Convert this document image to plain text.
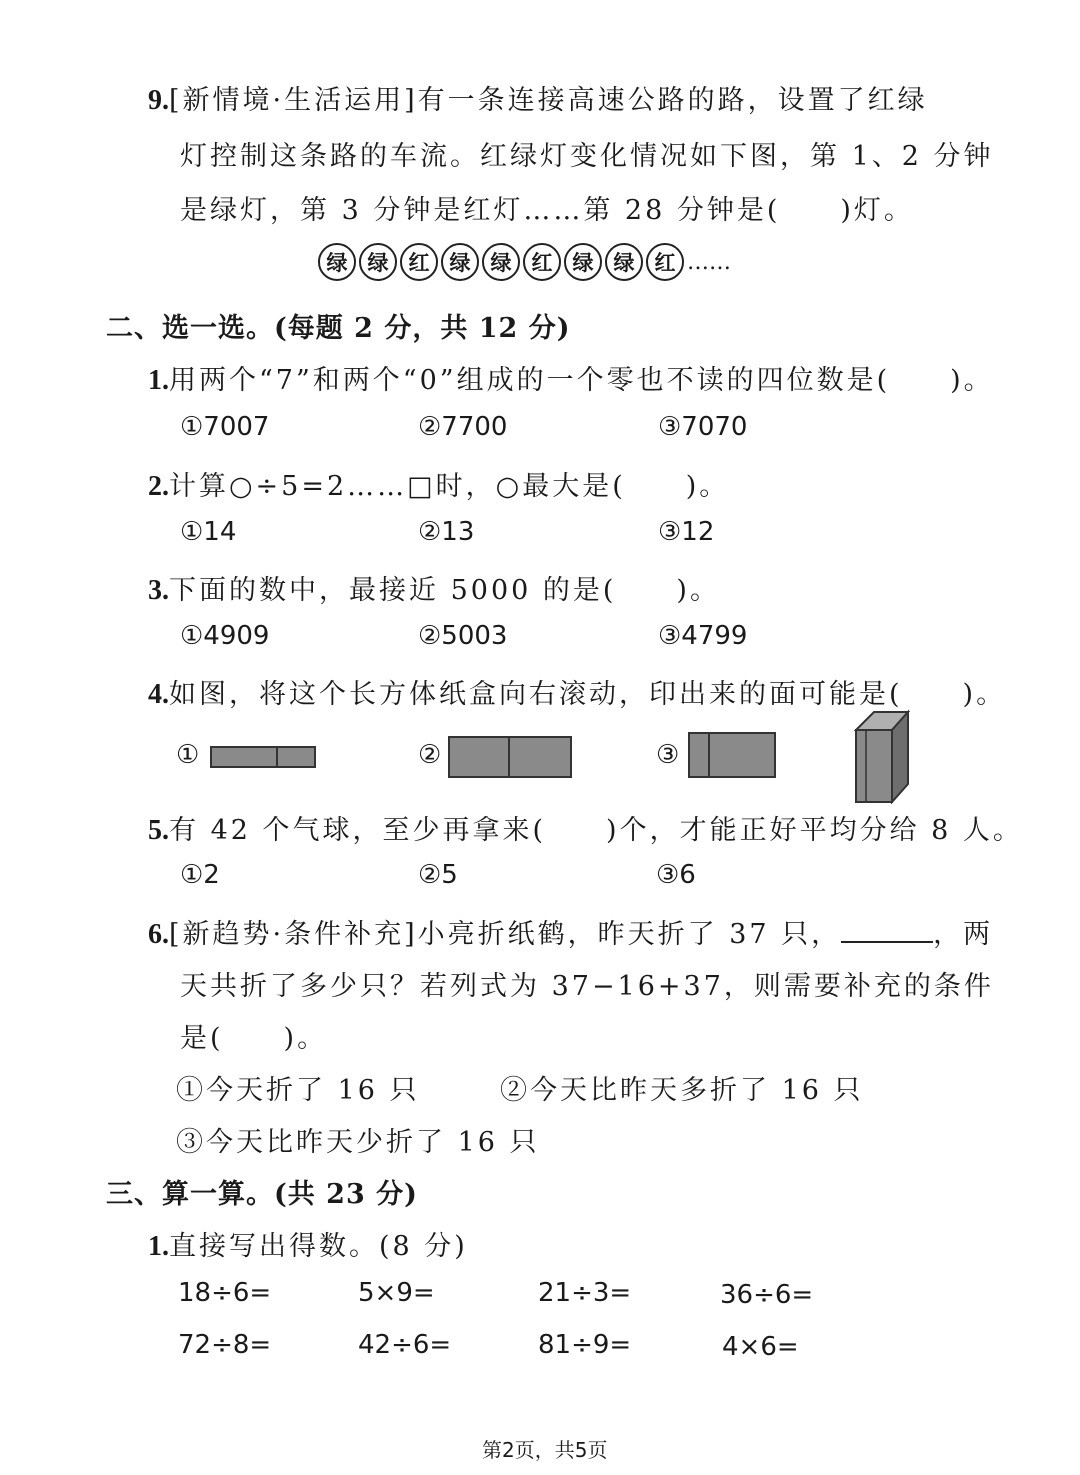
9.[新情境·生活运用]有一条连接高速公路的路，设置了红绿
灯控制这条路的车流。红绿灯变化情况如下图，第 1、2 分钟
是绿灯，第 3 分钟是红灯……第 28 分钟是(　　)灯。
绿 绿 红 绿 绿 红 绿 绿 红 ……
二、选一选。(每题 2 分，共 12 分)
1.用两个“7”和两个“0”组成的一个零也不读的四位数是(　　)。
①7007	②7700	③7070
2.计算○÷5=2……□时，○最大是(　　)。
①14	②13	③12
3.下面的数中，最接近 5000 的是(　　)。
①4909	②5003	③4799
4.如图，将这个长方体纸盒向右滚动，印出来的面可能是(　　)。
①	②	③
5.有 42 个气球，至少再拿来(　　)个，才能正好平均分给 8 人。
①2	②5	③6
6.[新趋势·条件补充]小亮折纸鹤，昨天折了 37 只，	，两
天共折了多少只？若列式为 37−16+37，则需要补充的条件
是(　　)。
①今天折了 16 只	②今天比昨天多折了 16 只
③今天比昨天少折了 16 只
三、算一算。(共 23 分)
1.直接写出得数。(8 分)
18÷6=	5×9=	21÷3=	36÷6=
72÷8=	42÷6=	81÷9=	4×6=
第2页，共5页
